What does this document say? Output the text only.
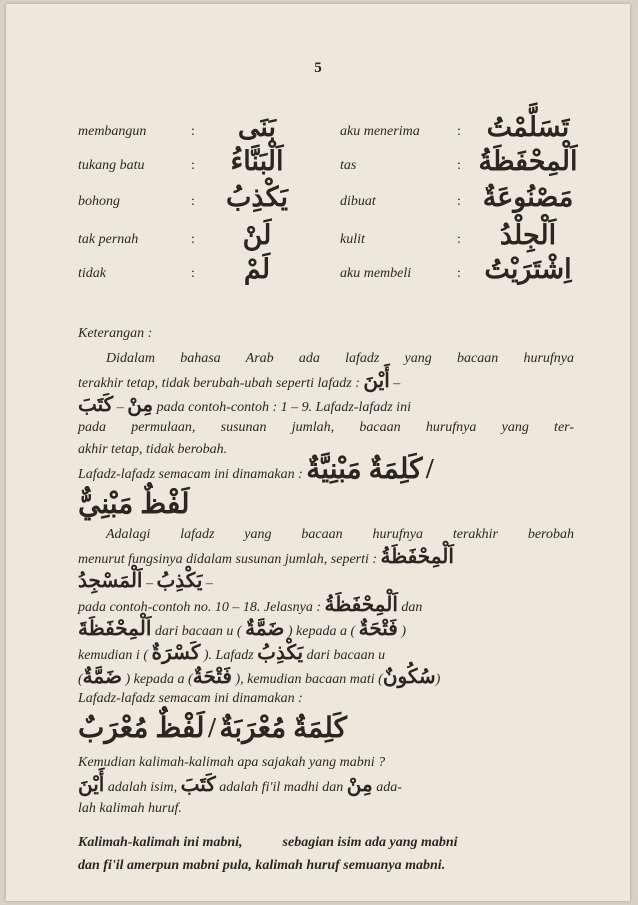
5
membangun	:	بَنَى	aku menerima	: تَسَلَّمْتُ
tukang batu	:	اَلْبَنَّاءُ	tas	: اَلْمِحْفَظَةُ
bohong	:	يَكْذِبُ	dibuat	: مَصْنُوعَةٌ
tak pernah	:	لَنْ	kulit	:	اَلْجِلْدُ
tidak	:	لَمْ	aku membeli	: اِشْتَرَيْتُ
Keterangan :
Didalam bahasa Arab ada lafadz yang bacaan hurufnya
terakhir tetap, tidak berubah-ubah seperti lafadz : أَيْنَ –
كَتَبَ – مِنْ pada contoh-contoh : 1 – 9. Lafadz-lafadz ini
pada permulaan, susunan jumlah, bacaan hurufnya yang ter-
akhir tetap, tidak berobah.
Lafadz-lafadz semacam ini dinamakan : كَلِمَةٌ مَبْنِيَّةٌ /
لَفْظٌ مَبْنِيٌّ
Adalagi lafadz yang bacaan hurufnya terakhir berobah
menurut fungsinya didalam susunan jumlah, seperti : اَلْمِحْفَظَةُ
اَلْمَسْجِدُ – يَكْذِبُ –
pada contoh-contoh no. 10 – 18. Jelasnya : اَلْمِحْفَظَةُ dan
اَلْمِحْفَظَةَ dari bacaan u ( ضَمَّةٌ ) kepada a ( فَتْحَةٌ )
kemudian i ( كَسْرَةٌ ). Lafadz يَكْذِبُ dari bacaan u
(ضَمَّةٌ ) kepada a (فَتْحَةٌ ), kemudian bacaan mati (سُكُونٌ)
Lafadz-lafadz semacam ini dinamakan :
لَفْظٌ مُعْرَبٌ / كَلِمَةٌ مُعْرَبَةٌ
Kemudian kalimah-kalimah apa sajakah yang mabni ?
أَيْنَ adalah isim, كَتَبَ adalah fi'il madhi dan مِنْ ada-
lah kalimah huruf.
Kalimah-kalimah ini mabni,	sebagian isim ada yang mabni
dan fi'il amerpun mabni pula, kalimah huruf semuanya mabni.
